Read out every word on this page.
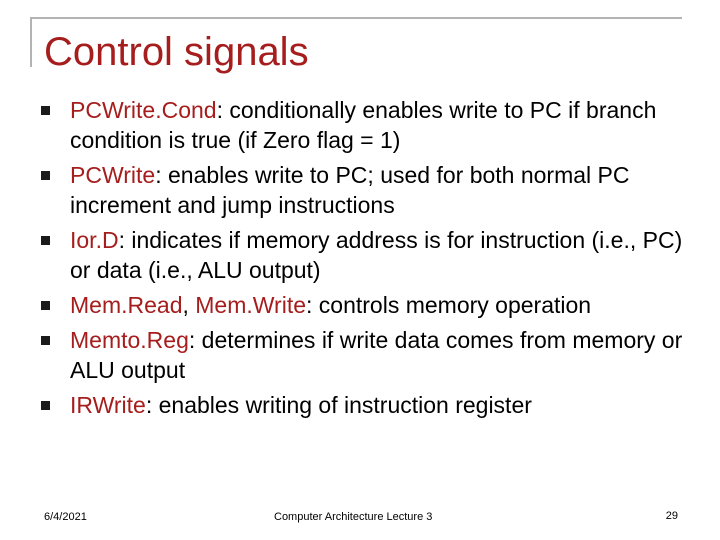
Control signals
PCWrite.Cond: conditionally enables write to PC if branch condition is true (if Zero flag = 1)
PCWrite: enables write to PC; used for both normal PC increment and jump instructions
Ior.D: indicates if memory address is for instruction (i.e., PC) or data (i.e., ALU output)
Mem.Read, Mem.Write: controls memory operation
Memto.Reg: determines if write data comes from memory or ALU output
IRWrite: enables writing of instruction register
6/4/2021	Computer Architecture Lecture 3	29
